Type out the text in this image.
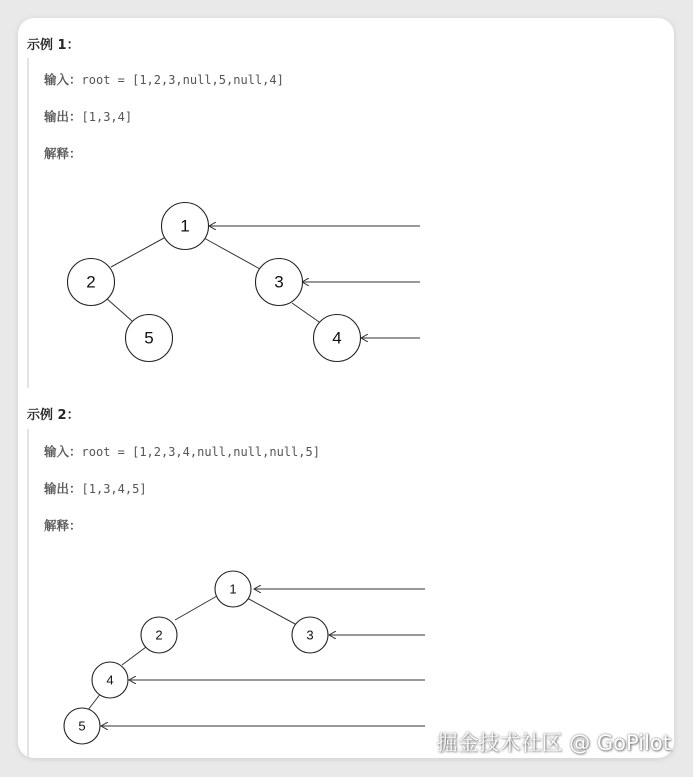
示例 1：
输入：root = [1,2,3,null,5,null,4]
输出：[1,3,4]
解释：
1
2	3
5	4
示例 2：
输入：root = [1,2,3,4,null,null,null,5]
输出：[1,3,4,5]
解释：
1
2	3
4
5
掘金技术社区 @ GoPilot
